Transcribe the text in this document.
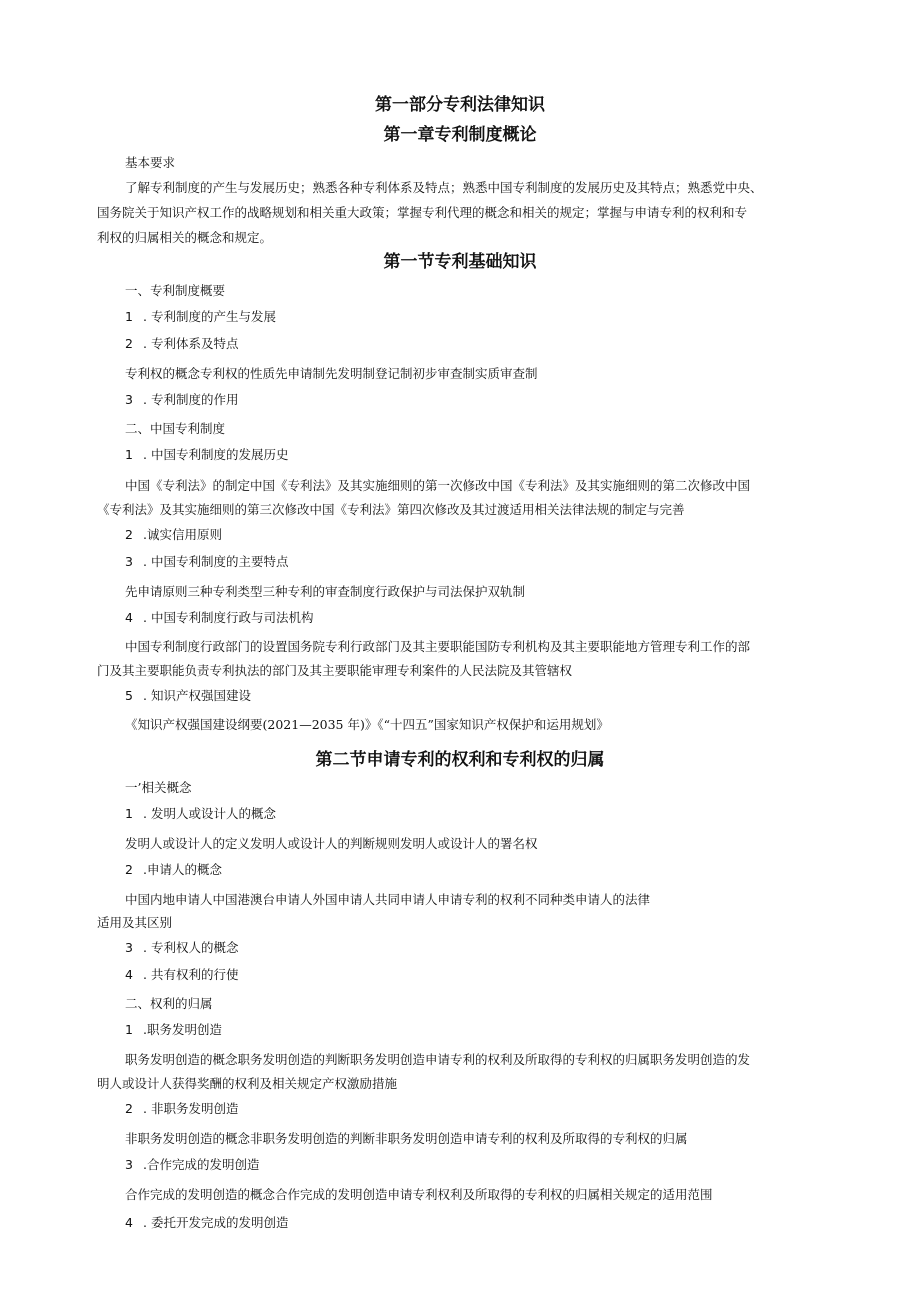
第一部分专利法律知识
第一章专利制度概论
基本要求
了解专利制度的产生与发展历史；熟悉各种专利体系及特点；熟悉中国专利制度的发展历史及其特点；熟悉党中央、
国务院关于知识产权工作的战略规划和相关重大政策；掌握专利代理的概念和相关的规定；掌握与申请专利的权利和专
利权的归属相关的概念和规定。
第一节专利基础知识
一、专利制度概要
1 . 专利制度的产生与发展
2 . 专利体系及特点
专利权的概念专利权的性质先申请制先发明制登记制初步审查制实质审查制
3 . 专利制度的作用
二、中国专利制度
1 . 中国专利制度的发展历史
中国《专利法》的制定中国《专利法》及其实施细则的第一次修改中国《专利法》及其实施细则的第二次修改中国
《专利法》及其实施细则的第三次修改中国《专利法》第四次修改及其过渡适用相关法律法规的制定与完善
2 .诚实信用原则
3 . 中国专利制度的主要特点
先申请原则三种专利类型三种专利的审查制度行政保护与司法保护双轨制
4 . 中国专利制度行政与司法机构
中国专利制度行政部门的设置国务院专利行政部门及其主要职能国防专利机构及其主要职能地方管理专利工作的部
门及其主要职能负责专利执法的部门及其主要职能审理专利案件的人民法院及其管辖权
5 . 知识产权强国建设
《知识产权强国建设纲要(2021—2035 年)》《“十四五”国家知识产权保护和运用规划》
第二节申请专利的权利和专利权的归属
一’相关概念
1 . 发明人或设计人的概念
发明人或设计人的定义发明人或设计人的判断规则发明人或设计人的署名权
2 .申请人的概念
中国内地申请人中国港澳台申请人外国申请人共同申请人申请专利的权利不同种类申请人的法律
适用及其区别
3 . 专利权人的概念
4 . 共有权利的行使
二、权利的归属
1 .职务发明创造
职务发明创造的概念职务发明创造的判断职务发明创造申请专利的权利及所取得的专利权的归属职务发明创造的发
明人或设计人获得奖酬的权利及相关规定产权激励措施
2 . 非职务发明创造
非职务发明创造的概念非职务发明创造的判断非职务发明创造申请专利的权利及所取得的专利权的归属
3 .合作完成的发明创造
合作完成的发明创造的概念合作完成的发明创造申请专利权利及所取得的专利权的归属相关规定的适用范围
4 . 委托开发完成的发明创造
